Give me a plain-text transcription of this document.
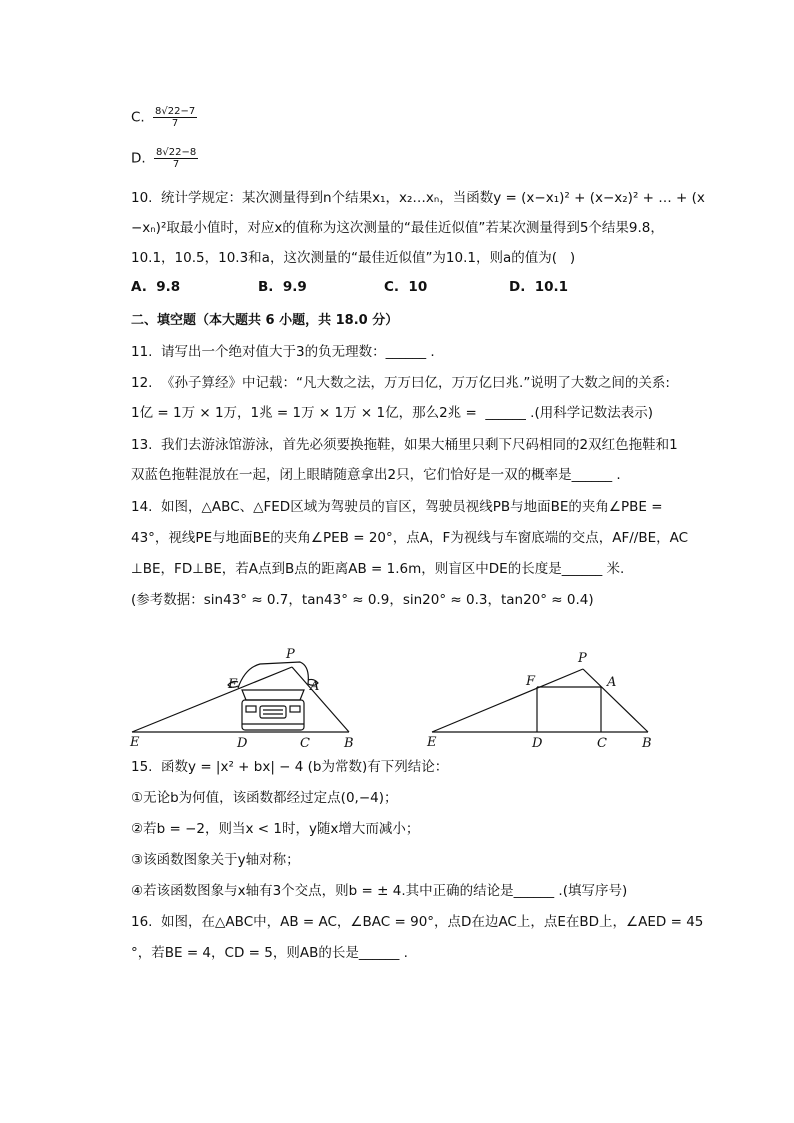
C. $\frac{8√22-7}{7}$
D. $\frac{8√22-8}{7}$
10.  统计学规定：某次测量得到n个结果x₁，x₂…xₙ，当函数y = (x−x₁)² + (x−x₂)² + … + (x
−xₙ)²取最小值时，对应x的值称为这次测量的“最佳近似值”若某次测量得到5个结果9.8，
10.1，10.5，10.3和a，这次测量的“最佳近似值”为10.1，则a的值为(   )
A.  9.8	B.  9.9	C.  10	D.  10.1
二、填空题（本大题共 6 小题，共 18.0 分）
11.  请写出一个绝对值大于3的负无理数：______ .
12.  《孙子算经》中记载：“凡大数之法，万万曰亿，万万亿曰兆.”说明了大数之间的关系:
1亿 = 1万 × 1万，1兆 = 1万 × 1万 × 1亿，那么2兆 =  ______ .(用科学记数法表示)
13.  我们去游泳馆游泳，首先必须要换拖鞋，如果大桶里只剩下尺码相同的2双红色拖鞋和1
双蓝色拖鞋混放在一起，闭上眼睛随意拿出2只，它们恰好是一双的概率是______ .
14.  如图，△ABC、△FED区域为驾驶员的盲区，驾驶员视线PB与地面BE的夹角∠PBE =
43°，视线PE与地面BE的夹角∠PEB = 20°，点A，F为视线与车窗底端的交点，AF//BE，AC
⊥BE，FD⊥BE，若A点到B点的距离AB = 1.6m，则盲区中DE的长度是______ 米.
(参考数据：sin43° ≈ 0.7，tan43° ≈ 0.9，sin20° ≈ 0.3，tan20° ≈ 0.4)
P
F	A
E	D	C	B
P
F	A
E	D	C	B
15.  函数y = |x² + bx| − 4 (b为常数)有下列结论：
①无论b为何值，该函数都经过定点(0,−4)；
②若b = −2，则当x < 1时，y随x增大而减小；
③该函数图象关于y轴对称；
④若该函数图象与x轴有3个交点，则b = ± 4.其中正确的结论是______ .(填写序号)
16.  如图，在△ABC中，AB = AC，∠BAC = 90°，点D在边AC上，点E在BD上，∠AED = 45
°，若BE = 4，CD = 5，则AB的长是______ .
